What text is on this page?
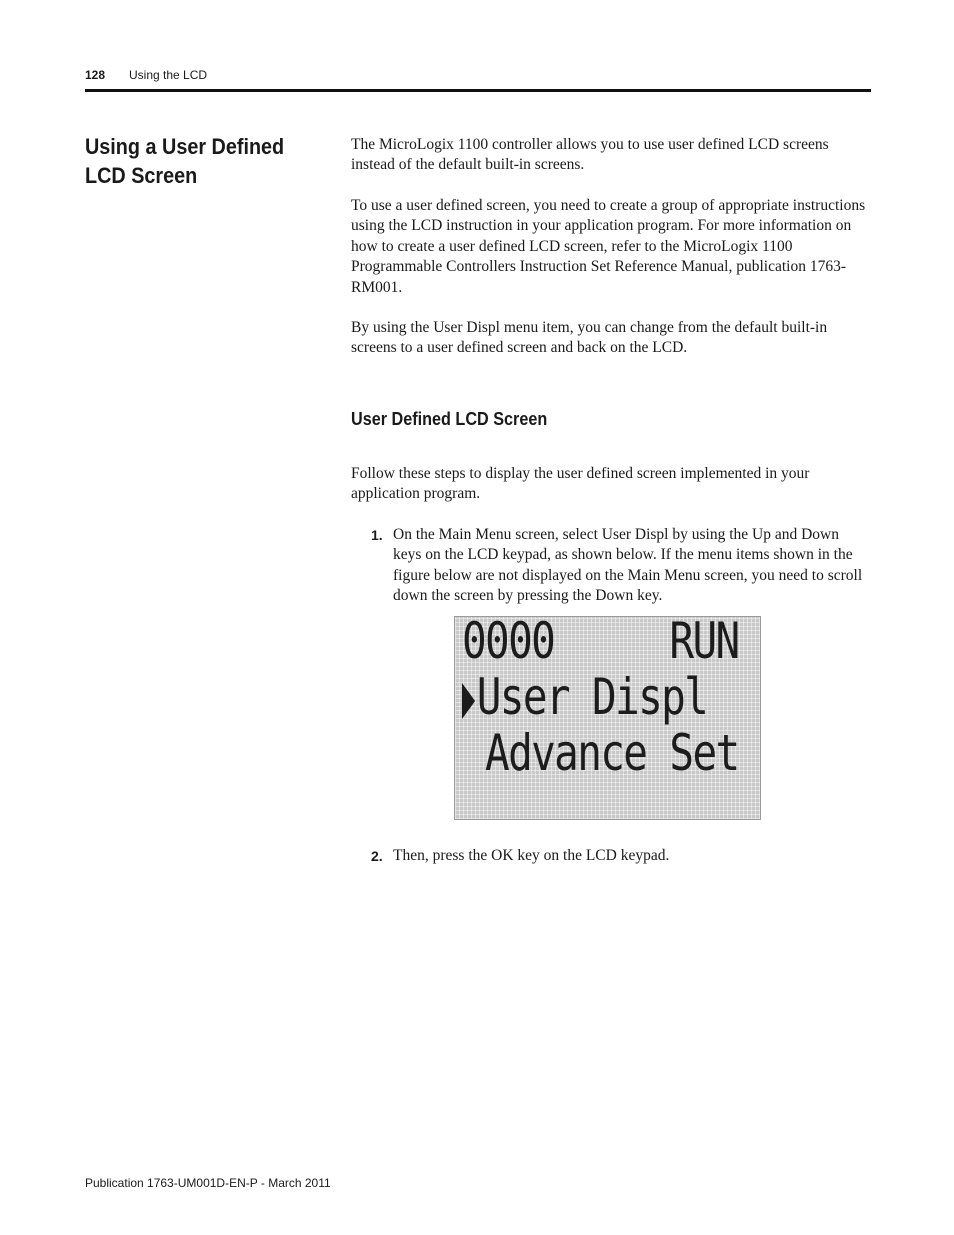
128 Using the LCD
Using a User Defined LCD Screen

The MicroLogix 1100 controller allows you to use user defined LCD screens instead of the default built-in screens.

To use a user defined screen, you need to create a group of appropriate instructions using the LCD instruction in your application program. For more information on how to create a user defined LCD screen, refer to the MicroLogix 1100 Programmable Controllers Instruction Set Reference Manual, publication 1763-RM001.

By using the User Displ menu item, you can change from the default built-in screens to a user defined screen and back on the LCD.

User Defined LCD Screen

Follow these steps to display the user defined screen implemented in your application program.

1. On the Main Menu screen, select User Displ by using the Up and Down keys on the LCD keypad, as shown below. If the menu items shown in the figure below are not displayed on the Main Menu screen, you need to scroll down the screen by pressing the Down key.
0000 RUN
User Displ
Advance Set
2. Then, press the OK key on the LCD keypad.
Publication 1763-UM001D-EN-P - March 2011
